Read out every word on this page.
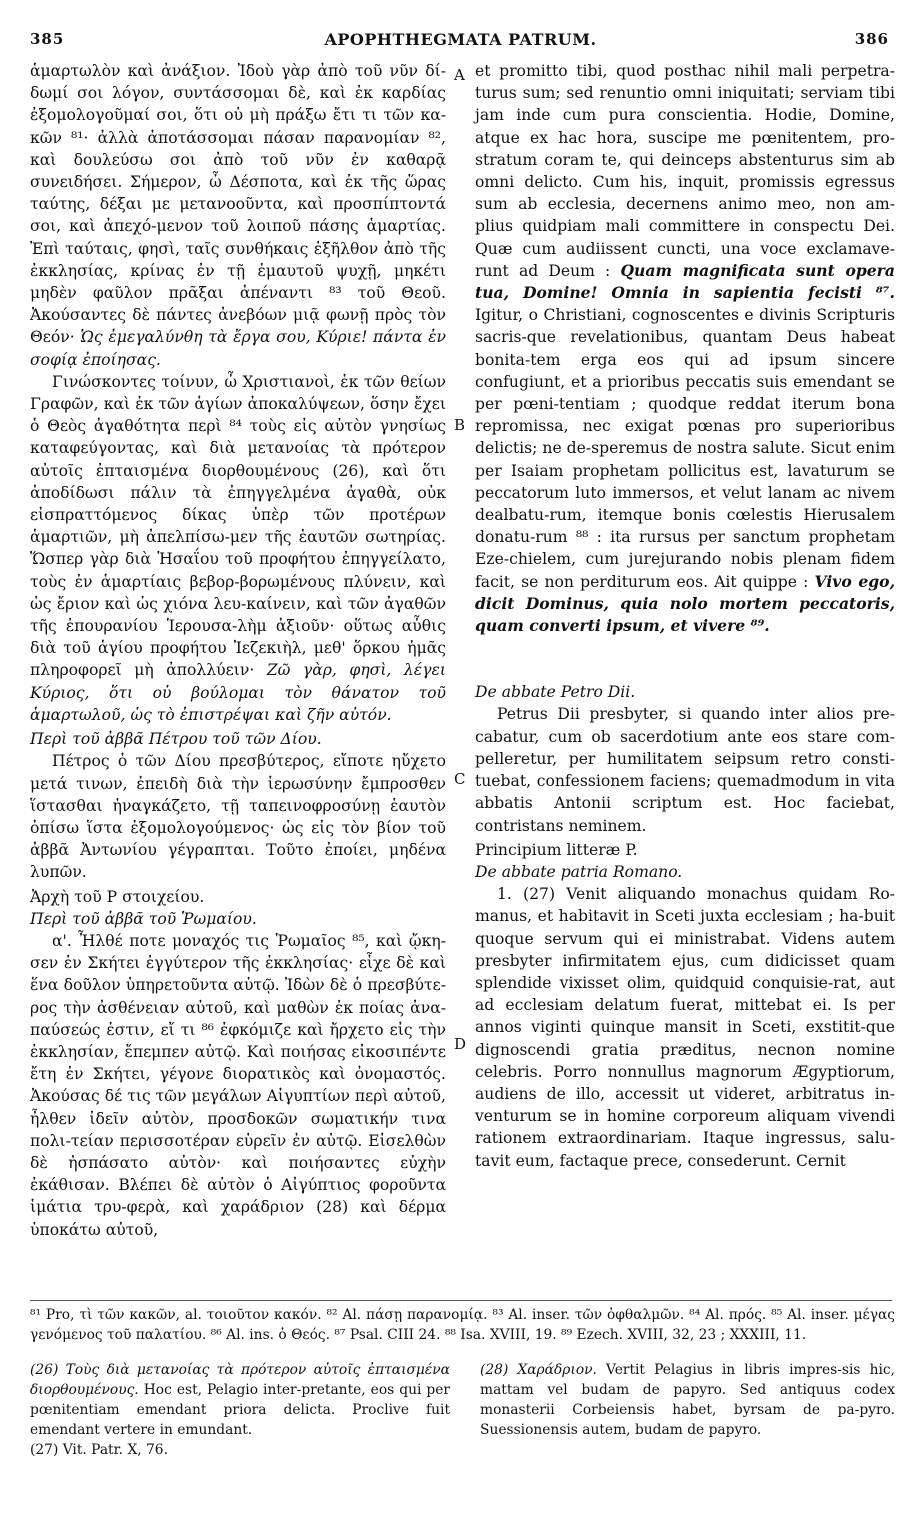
385	APOPHTHEGMATA PATRUM.	386
A
B
C
D

ἁμαρτωλὸν καὶ ἀνάξιον. Ἰδοὺ γὰρ ἀπὸ τοῦ νῦν δί-δωμί σοι λόγον, συντάσσομαι δὲ, καὶ ἐκ καρδίας ἐξομολογοῦμαί σοι, ὅτι οὐ μὴ πράξω ἔτι τι τῶν κα-κῶν ⁸¹· ἀλλὰ ἀποτάσσομαι πάσαν παρανομίαν ⁸², καὶ δουλεύσω σοι ἀπὸ τοῦ νῦν ἐν καθαρᾷ συνειδήσει. Σήμερον, ὦ Δέσποτα, καὶ ἐκ τῆς ὥρας ταύτης, δέξαι με μετανοοῦντα, καὶ προσπίπτοντά σοι, καὶ ἀπεχό-μενον τοῦ λοιποῦ πάσης ἁμαρτίας. Ἐπὶ ταύταις, φησὶ, ταῖς συνθήκαις ἐξῆλθον ἀπὸ τῆς ἐκκλησίας, κρίνας ἐν τῇ ἐμαυτοῦ ψυχῇ, μηκέτι μηδὲν φαῦλον πρᾶξαι ἀπέναντι ⁸³ τοῦ Θεοῦ. Ἀκούσαντες δὲ πάντες ἀνεβόων μιᾷ φωνῇ πρὸς τὸν Θεόν· Ὡς ἐμεγαλύνθη τὰ ἔργα σου, Κύριε! πάντα ἐν σοφίᾳ ἐποίησας.

Γινώσκοντες τοίνυν, ὦ Χριστιανοὶ, ἐκ τῶν θείων Γραφῶν, καὶ ἐκ τῶν ἁγίων ἀποκαλύψεων, ὅσην ἔχει ὁ Θεὸς ἀγαθότητα περὶ ⁸⁴ τοὺς εἰς αὐτὸν γνησίως καταφεύγοντας, καὶ διὰ μετανοίας τὰ πρότερον αὐτοῖς ἐπταισμένα διορθουμένους (26), καὶ ὅτι ἀποδίδωσι πάλιν τὰ ἐπηγγελμένα ἀγαθὰ, οὐκ εἰσπραττόμενος δίκας ὑπὲρ τῶν προτέρων ἁμαρτιῶν, μὴ ἀπελπίσω-μεν τῆς ἑαυτῶν σωτηρίας. Ὥσπερ γὰρ διὰ Ἡσαΐου τοῦ προφήτου ἐπηγγείλατο, τοὺς ἐν ἁμαρτίαις βεβορ-βορωμένους πλύνειν, καὶ ὡς ἔριον καὶ ὡς χιόνα λευ-καίνειν, καὶ τῶν ἀγαθῶν τῆς ἐπουρανίου Ἱερουσα-λὴμ ἀξιοῦν· οὕτως αὖθις διὰ τοῦ ἁγίου προφήτου Ἰεζεκιὴλ, μεθ' ὅρκου ἡμᾶς πληροφορεῖ μὴ ἀπολλύειν· Ζῶ γὰρ, φησὶ, λέγει Κύριος, ὅτι οὐ βούλομαι τὸν θάνατον τοῦ ἁμαρτωλοῦ, ὡς τὸ ἐπιστρέψαι καὶ ζῆν αὐτόν.

Περὶ τοῦ ἀββᾶ Πέτρου τοῦ τῶν Δίου.

Πέτρος ὁ τῶν Δίου πρεσβύτερος, εἴποτε ηὔχετο μετά τινων, ἐπειδὴ διὰ τὴν ἱερωσύνην ἔμπροσθεν ἵστασθαι ἠναγκάζετο, τῇ ταπεινοφροσύνῃ ἑαυτὸν ὀπίσω ἵστα ἐξομολογούμενος· ὡς εἰς τὸν βίον τοῦ ἀββᾶ Ἀντωνίου γέγραπται. Τοῦτο ἐποίει, μηδένα λυπῶν.

Ἀρχὴ τοῦ Ρ στοιχείου.

Περὶ τοῦ ἀββᾶ τοῦ Ῥωμαίου.

α'. Ἦλθέ ποτε μοναχός τις Ῥωμαῖος ⁸⁵, καὶ ᾤκη-σεν ἐν Σκήτει ἐγγύτερον τῆς ἐκκλησίας· εἶχε δὲ καὶ ἕνα δοῦλον ὑπηρετοῦντα αὐτῷ. Ἰδὼν δὲ ὁ πρεσβύτε-ρος τὴν ἀσθένειαν αὐτοῦ, καὶ μαθὼν ἐκ ποίας ἀνα-παύσεώς ἐστιν, εἴ τι ⁸⁶ ἐφκόμιζε καὶ ἤρχετο εἰς τὴν ἐκκλησίαν, ἔπεμπεν αὐτῷ. Καὶ ποιήσας εἰκοσιπέντε ἔτη ἐν Σκήτει, γέγονε διορατικὸς καὶ ὀνομαστός. Ἀκούσας δέ τις τῶν μεγάλων Αἰγυπτίων περὶ αὐτοῦ, ἦλθεν ἰδεῖν αὐτὸν, προσδοκῶν σωματικήν τινα πολι-τείαν περισσοτέραν εὑρεῖν ἐν αὐτῷ. Εἰσελθὼν δὲ ἠσπάσατο αὐτὸν· καὶ ποιήσαντες εὐχὴν ἐκάθισαν. Βλέπει δὲ αὐτὸν ὁ Αἰγύπτιος φοροῦντα ἱμάτια τρυ-φερὰ, καὶ χαράδριον (28) καὶ δέρμα ὑποκάτω αὐτοῦ,

et promitto tibi, quod posthac nihil mali perpetra-turus sum; sed renuntio omni iniquitati; serviam tibi jam inde cum pura conscientia. Hodie, Domine, atque ex hac hora, suscipe me pœnitentem, pro-stratum coram te, qui deinceps abstenturus sim ab omni delicto. Cum his, inquit, promissis egressus sum ab ecclesia, decernens animo meo, non am-plius quidpiam mali committere in conspectu Dei. Quæ cum audiissent cuncti, una voce exclamave-runt ad Deum : Quam magnificata sunt opera tua, Domine! Omnia in sapientia fecisti ⁸⁷. Igitur, o Christiani, cognoscentes e divinis Scripturis sacris-que revelationibus, quantam Deus habeat bonita-tem erga eos qui ad ipsum sincere confugiunt, et a prioribus peccatis suis emendant se per pœni-tentiam ; quodque reddat iterum bona repromissa, nec exigat pœnas pro superioribus delictis; ne de-speremus de nostra salute. Sicut enim per Isaiam prophetam pollicitus est, lavaturum se peccatorum luto immersos, et velut lanam ac nivem dealbatu-rum, itemque bonis cœlestis Hierusalem donatu-rum ⁸⁸ : ita rursus per sanctum prophetam Eze-chielem, cum jurejurando nobis plenam fidem facit, se non perditurum eos. Ait quippe : Vivo ego, dicit Dominus, quia nolo mortem peccatoris, quam converti ipsum, et vivere ⁸⁹.

De abbate Petro Dii.

Petrus Dii presbyter, si quando inter alios pre-cabatur, cum ob sacerdotium ante eos stare com-pelleretur, per humilitatem seipsum retro consti-tuebat, confessionem faciens; quemadmodum in vita abbatis Antonii scriptum est. Hoc faciebat, contristans neminem.

Principium litteræ P.

De abbate patria Romano.

1. (27) Venit aliquando monachus quidam Ro-manus, et habitavit in Sceti juxta ecclesiam ; ha-buit quoque servum qui ei ministrabat. Videns autem presbyter infirmitatem ejus, cum didicisset quam splendide vixisset olim, quidquid conquisie-rat, aut ad ecclesiam delatum fuerat, mittebat ei. Is per annos viginti quinque mansit in Sceti, exstitit-que dignoscendi gratia præditus, necnon nomine celebris. Porro nonnullus magnorum Ægyptiorum, audiens de illo, accessit ut videret, arbitratus in-venturum se in homine corporeum aliquam vivendi rationem extraordinariam. Itaque ingressus, salu-tavit eum, factaque prece, consederunt. Cernit

⁸¹ Pro, τὶ τῶν κακῶν, al. τοιοῦτον κακόν. ⁸² Al. πάσῃ παρανομίᾳ. ⁸³ Al. inser. τῶν ὀφθαλμῶν. ⁸⁴ Al. πρός. ⁸⁵ Al. inser. μέγας γενόμενος τοῦ παλατίου. ⁸⁶ Al. ins. ὁ Θεός. ⁸⁷ Psal. CIII 24. ⁸⁸ Isa. XVIII, 19. ⁸⁹ Ezech. XVIII, 32, 23 ; XXXIII, 11.

(26) Τοὺς διὰ μετανοίας τὰ πρότερον αὐτοῖς ἐπταισμένα διορθουμένους. Hoc est, Pelagio inter-pretante, eos qui per pœnitentiam emendant priora delicta. Proclive fuit emendant vertere in emundant.

(27) Vit. Patr. X, 76.

(28) Χαράδριον. Vertit Pelagius in libris impres-sis hic, mattam vel budam de papyro. Sed antiquus codex monasterii Corbeiensis habet, byrsam de pa-pyro. Suessionensis autem, budam de papyro.
